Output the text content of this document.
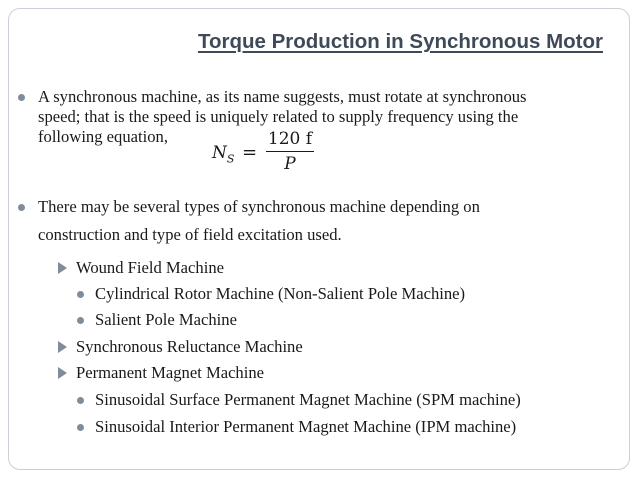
Torque Production in Synchronous Motor
A synchronous machine, as its name suggests, must rotate at synchronous
speed; that is the speed is uniquely related to supply frequency using the
following equation,
$N_S$ =
120 f
P
There may be several types of synchronous machine depending on
construction and type of field excitation used.
Wound Field Machine
Cylindrical Rotor Machine (Non-Salient Pole Machine)
Salient Pole Machine
Synchronous Reluctance Machine
Permanent Magnet Machine
Sinusoidal Surface Permanent Magnet Machine (SPM machine)
Sinusoidal Interior Permanent Magnet Machine (IPM machine)
